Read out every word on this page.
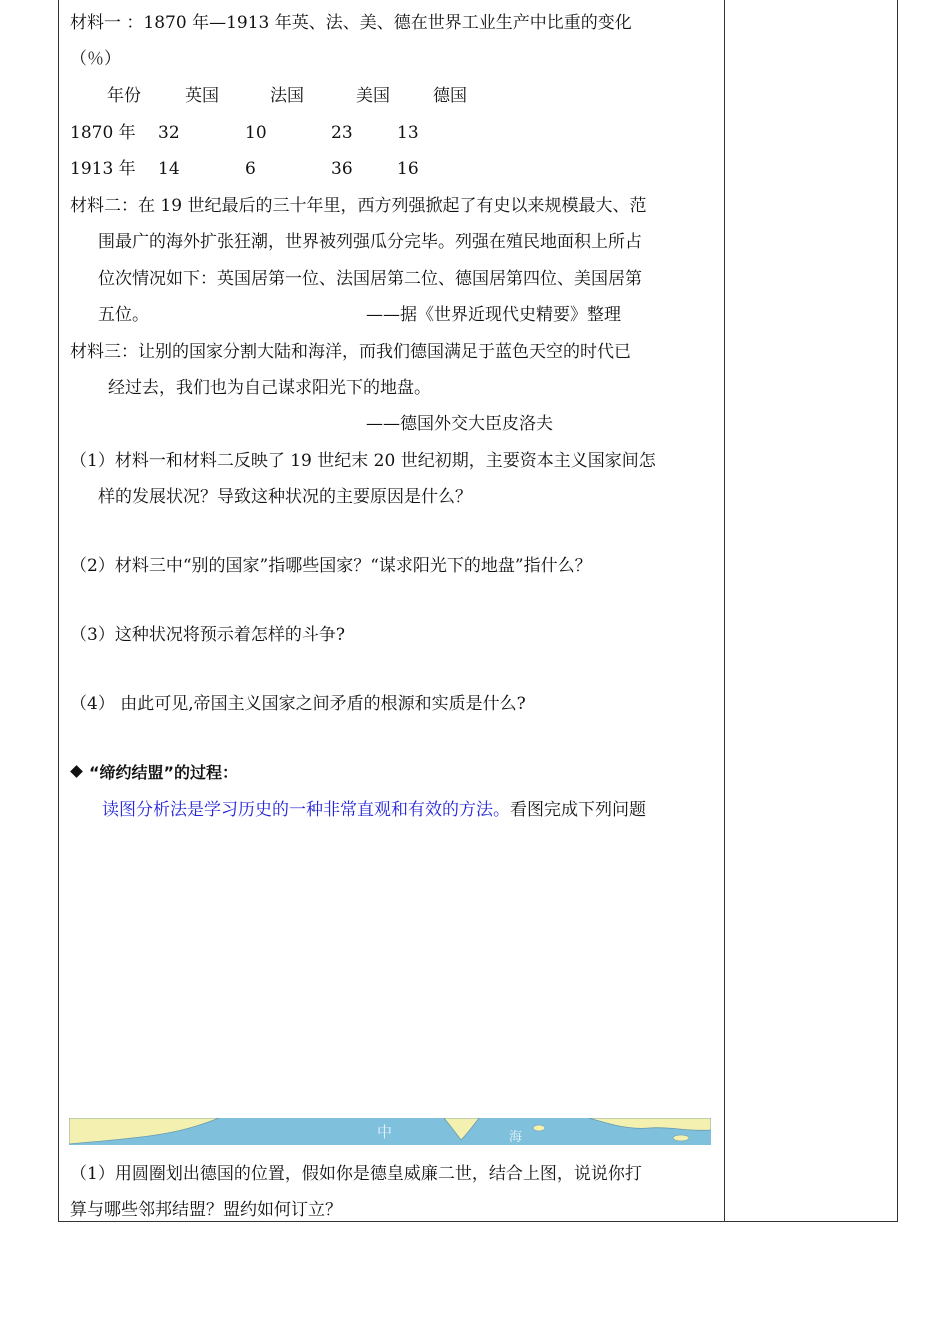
材料一 ：1870 年—1913 年英、法、美、德在世界工业生产中比重的变化
（％）
年份	英国	法国	美国	德国
1870 年 32	10	23	13
1913 年 14	6	36	16
材料二：在 19 世纪最后的三十年里，西方列强掀起了有史以来规模最大、范
围最广的海外扩张狂潮，世界被列强瓜分完毕。列强在殖民地面积上所占
位次情况如下：英国居第一位、法国居第二位、德国居第四位、美国居第
五位。	——据《世界近现代史精要》整理
材料三：让别的国家分割大陆和海洋，而我们德国满足于蓝色天空的时代已
经过去，我们也为自己谋求阳光下的地盘。
——德国外交大臣皮洛夫
（1）材料一和材料二反映了 19 世纪末 20 世纪初期，主要资本主义国家间怎
样的发展状况？导致这种状况的主要原因是什么？
（2）材料三中“别的国家”指哪些国家？“谋求阳光下的地盘”指什么？
（3）这种状况将预示着怎样的斗争?
（4） 由此可见,帝国主义国家之间矛盾的根源和实质是什么?
“缔约结盟”的过程：
读图分析法是学习历史的一种非常直观和有效的方法。看图完成下列问题
中	海
（1）用圆圈划出德国的位置，假如你是德皇威廉二世，结合上图，说说你打
算与哪些邻邦结盟？盟约如何订立？
